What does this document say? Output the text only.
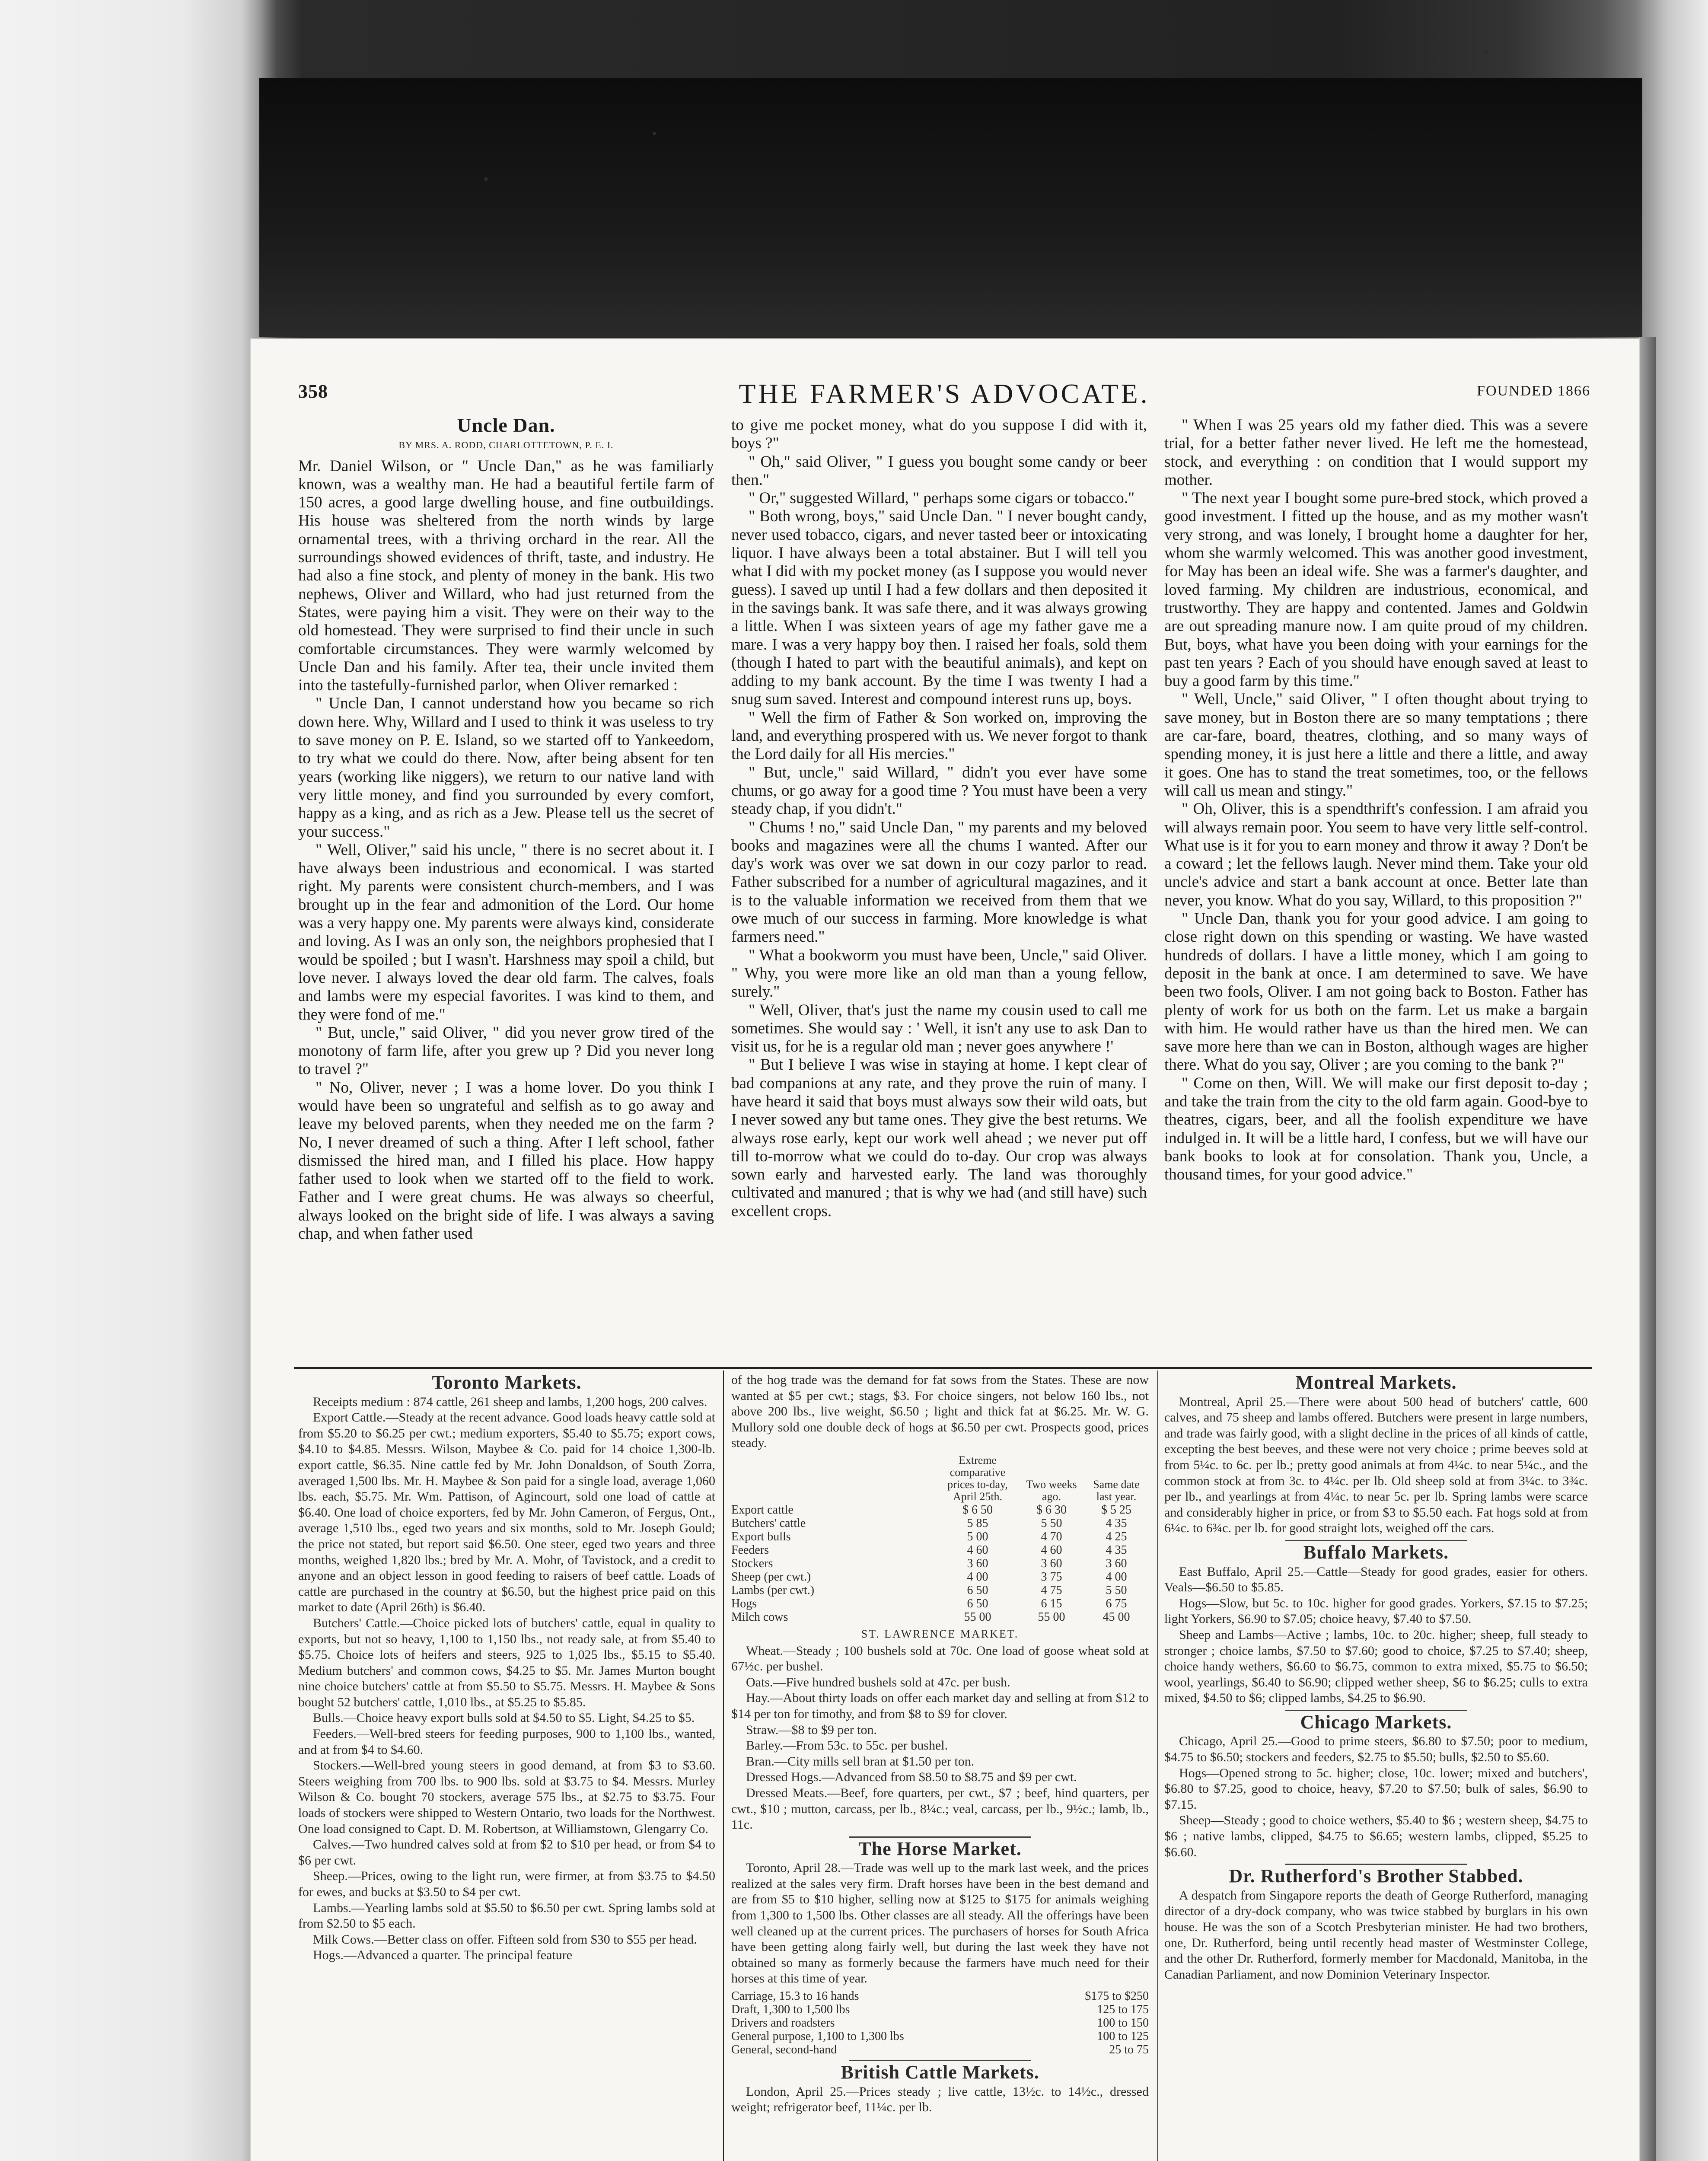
358	THE FARMER'S ADVOCATE.	FOUNDED 1866
Uncle Dan.
BY MRS. A. RODD, CHARLOTTETOWN, P. E. I.

Mr. Daniel Wilson, or " Uncle Dan," as he was familiarly known, was a wealthy man. He had a beautiful fertile farm of 150 acres, a good large dwelling house, and fine outbuildings. His house was sheltered from the north winds by large ornamental trees, with a thriving orchard in the rear. All the surroundings showed evidences of thrift, taste, and industry. He had also a fine stock, and plenty of money in the bank. His two nephews, Oliver and Willard, who had just returned from the States, were paying him a visit. They were on their way to the old homestead. They were surprised to find their uncle in such comfortable circumstances. They were warmly welcomed by Uncle Dan and his family. After tea, their uncle invited them into the tastefully-furnished parlor, when Oliver remarked :

" Uncle Dan, I cannot understand how you became so rich down here. Why, Willard and I used to think it was useless to try to save money on P. E. Island, so we started off to Yankeedom, to try what we could do there. Now, after being absent for ten years (working like niggers), we return to our native land with very little money, and find you surrounded by every comfort, happy as a king, and as rich as a Jew. Please tell us the secret of your success."

" Well, Oliver," said his uncle, " there is no secret about it. I have always been industrious and economical. I was started right. My parents were consistent church-members, and I was brought up in the fear and admonition of the Lord. Our home was a very happy one. My parents were always kind, considerate and loving. As I was an only son, the neighbors prophesied that I would be spoiled ; but I wasn't. Harshness may spoil a child, but love never. I always loved the dear old farm. The calves, foals and lambs were my especial favorites. I was kind to them, and they were fond of me."

" But, uncle," said Oliver, " did you never grow tired of the monotony of farm life, after you grew up ? Did you never long to travel ?"

" No, Oliver, never ; I was a home lover. Do you think I would have been so ungrateful and selfish as to go away and leave my beloved parents, when they needed me on the farm ? No, I never dreamed of such a thing. After I left school, father dismissed the hired man, and I filled his place. How happy father used to look when we started off to the field to work. Father and I were great chums. He was always so cheerful, always looked on the bright side of life. I was always a saving chap, and when father used

to give me pocket money, what do you suppose I did with it, boys ?"

" Oh," said Oliver, " I guess you bought some candy or beer then."

" Or," suggested Willard, " perhaps some cigars or tobacco."

" Both wrong, boys," said Uncle Dan. " I never bought candy, never used tobacco, cigars, and never tasted beer or intoxicating liquor. I have always been a total abstainer. But I will tell you what I did with my pocket money (as I suppose you would never guess). I saved up until I had a few dollars and then deposited it in the savings bank. It was safe there, and it was always growing a little. When I was sixteen years of age my father gave me a mare. I was a very happy boy then. I raised her foals, sold them (though I hated to part with the beautiful animals), and kept on adding to my bank account. By the time I was twenty I had a snug sum saved. Interest and compound interest runs up, boys.

" Well the firm of Father & Son worked on, improving the land, and everything prospered with us. We never forgot to thank the Lord daily for all His mercies."

" But, uncle," said Willard, " didn't you ever have some chums, or go away for a good time ? You must have been a very steady chap, if you didn't."

" Chums ! no," said Uncle Dan, " my parents and my beloved books and magazines were all the chums I wanted. After our day's work was over we sat down in our cozy parlor to read. Father subscribed for a number of agricultural magazines, and it is to the valuable information we received from them that we owe much of our success in farming. More knowledge is what farmers need."

" What a bookworm you must have been, Uncle," said Oliver. " Why, you were more like an old man than a young fellow, surely."

" Well, Oliver, that's just the name my cousin used to call me sometimes. She would say : ' Well, it isn't any use to ask Dan to visit us, for he is a regular old man ; never goes anywhere !'

" But I believe I was wise in staying at home. I kept clear of bad companions at any rate, and they prove the ruin of many. I have heard it said that boys must always sow their wild oats, but I never sowed any but tame ones. They give the best returns. We always rose early, kept our work well ahead ; we never put off till to-morrow what we could do to-day. Our crop was always sown early and harvested early. The land was thoroughly cultivated and manured ; that is why we had (and still have) such excellent crops.

" When I was 25 years old my father died. This was a severe trial, for a better father never lived. He left me the homestead, stock, and everything : on condition that I would support my mother.

" The next year I bought some pure-bred stock, which proved a good investment. I fitted up the house, and as my mother wasn't very strong, and was lonely, I brought home a daughter for her, whom she warmly welcomed. This was another good investment, for May has been an ideal wife. She was a farmer's daughter, and loved farming. My children are industrious, economical, and trustworthy. They are happy and contented. James and Goldwin are out spreading manure now. I am quite proud of my children. But, boys, what have you been doing with your earnings for the past ten years ? Each of you should have enough saved at least to buy a good farm by this time."

" Well, Uncle," said Oliver, " I often thought about trying to save money, but in Boston there are so many temptations ; there are car-fare, board, theatres, clothing, and so many ways of spending money, it is just here a little and there a little, and away it goes. One has to stand the treat sometimes, too, or the fellows will call us mean and stingy."

" Oh, Oliver, this is a spendthrift's confession. I am afraid you will always remain poor. You seem to have very little self-control. What use is it for you to earn money and throw it away ? Don't be a coward ; let the fellows laugh. Never mind them. Take your old uncle's advice and start a bank account at once. Better late than never, you know. What do you say, Willard, to this proposition ?"

" Uncle Dan, thank you for your good advice. I am going to close right down on this spending or wasting. We have wasted hundreds of dollars. I have a little money, which I am going to deposit in the bank at once. I am determined to save. We have been two fools, Oliver. I am not going back to Boston. Father has plenty of work for us both on the farm. Let us make a bargain with him. He would rather have us than the hired men. We can save more here than we can in Boston, although wages are higher there. What do you say, Oliver ; are you coming to the bank ?"

" Come on then, Will. We will make our first deposit to-day ; and take the train from the city to the old farm again. Good-bye to theatres, cigars, beer, and all the foolish expenditure we have indulged in. It will be a little hard, I confess, but we will have our bank books to look at for consolation. Thank you, Uncle, a thousand times, for your good advice."

Toronto Markets.

Receipts medium : 874 cattle, 261 sheep and lambs, 1,200 hogs, 200 calves.

Export Cattle.—Steady at the recent advance. Good loads heavy cattle sold at from $5.20 to $6.25 per cwt.; medium exporters, $5.40 to $5.75; export cows, $4.10 to $4.85. Messrs. Wilson, Maybee & Co. paid for 14 choice 1,300-lb. export cattle, $6.35. Nine cattle fed by Mr. John Donaldson, of South Zorra, averaged 1,500 lbs. Mr. H. Maybee & Son paid for a single load, average 1,060 lbs. each, $5.75. Mr. Wm. Pattison, of Agincourt, sold one load of cattle at $6.40. One load of choice exporters, fed by Mr. John Cameron, of Fergus, Ont., average 1,510 lbs., eged two years and six months, sold to Mr. Joseph Gould; the price not stated, but report said $6.50. One steer, eged two years and three months, weighed 1,820 lbs.; bred by Mr. A. Mohr, of Tavistock, and a credit to anyone and an object lesson in good feeding to raisers of beef cattle. Loads of cattle are purchased in the country at $6.50, but the highest price paid on this market to date (April 26th) is $6.40.

Butchers' Cattle.—Choice picked lots of butchers' cattle, equal in quality to exports, but not so heavy, 1,100 to 1,150 lbs., not ready sale, at from $5.40 to $5.75. Choice lots of heifers and steers, 925 to 1,025 lbs., $5.15 to $5.40. Medium butchers' and common cows, $4.25 to $5. Mr. James Murton bought nine choice butchers' cattle at from $5.50 to $5.75. Messrs. H. Maybee & Sons bought 52 butchers' cattle, 1,010 lbs., at $5.25 to $5.85.

Bulls.—Choice heavy export bulls sold at $4.50 to $5. Light, $4.25 to $5.

Feeders.—Well-bred steers for feeding purposes, 900 to 1,100 lbs., wanted, and at from $4 to $4.60.

Stockers.—Well-bred young steers in good demand, at from $3 to $3.60. Steers weighing from 700 lbs. to 900 lbs. sold at $3.75 to $4. Messrs. Murley Wilson & Co. bought 70 stockers, average 575 lbs., at $2.75 to $3.75. Four loads of stockers were shipped to Western Ontario, two loads for the Northwest. One load consigned to Capt. D. M. Robertson, at Williamstown, Glengarry Co.

Calves.—Two hundred calves sold at from $2 to $10 per head, or from $4 to $6 per cwt.

Sheep.—Prices, owing to the light run, were firmer, at from $3.75 to $4.50 for ewes, and bucks at $3.50 to $4 per cwt.

Lambs.—Yearling lambs sold at $5.50 to $6.50 per cwt. Spring lambs sold at from $2.50 to $5 each.

Milk Cows.—Better class on offer. Fifteen sold from $30 to $55 per head.

Hogs.—Advanced a quarter. The principal feature

of the hog trade was the demand for fat sows from the States. These are now wanted at $5 per cwt.; stags, $3. For choice singers, not below 160 lbs., not above 200 lbs., live weight, $6.50 ; light and thick fat at $6.25. Mr. W. G. Mullory sold one double deck of hogs at $6.50 per cwt. Prospects good, prices steady.

	Extreme comparative prices to-day, April 25th.	Two weeks ago.	Same date last year.
Export cattle	$ 6 50	$ 6 30	$ 5 25
Butchers' cattle	5 85	5 50	4 35
Export bulls	5 00	4 70	4 25
Feeders	4 60	4 60	4 35
Stockers	3 60	3 60	3 60
Sheep (per cwt.)	4 00	3 75	4 00
Lambs (per cwt.)	6 50	4 75	5 50
Hogs	6 50	6 15	6 75
Milch cows	55 00	55 00	45 00
ST. LAWRENCE MARKET.

Wheat.—Steady ; 100 bushels sold at 70c. One load of goose wheat sold at 67½c. per bushel.

Oats.—Five hundred bushels sold at 47c. per bush.

Hay.—About thirty loads on offer each market day and selling at from $12 to $14 per ton for timothy, and from $8 to $9 for clover.

Straw.—$8 to $9 per ton.

Barley.—From 53c. to 55c. per bushel.

Bran.—City mills sell bran at $1.50 per ton.

Dressed Hogs.—Advanced from $8.50 to $8.75 and $9 per cwt.

Dressed Meats.—Beef, fore quarters, per cwt., $7 ; beef, hind quarters, per cwt., $10 ; mutton, carcass, per lb., 8¼c.; veal, carcass, per lb., 9½c.; lamb, lb., 11c.

The Horse Market.

Toronto, April 28.—Trade was well up to the mark last week, and the prices realized at the sales very firm. Draft horses have been in the best demand and are from $5 to $10 higher, selling now at $125 to $175 for animals weighing from 1,300 to 1,500 lbs. Other classes are all steady. All the offerings have been well cleaned up at the current prices. The purchasers of horses for South Africa have been getting along fairly well, but during the last week they have not obtained so many as formerly because the farmers have much need for their horses at this time of year.

Carriage, 15.3 to 16 hands	$175 to $250
Draft, 1,300 to 1,500 lbs	125 to 175
Drivers and roadsters	100 to 150
General purpose, 1,100 to 1,300 lbs	100 to 125
General, second-hand	25 to 75
British Cattle Markets.

London, April 25.—Prices steady ; live cattle, 13½c. to 14½c., dressed weight; refrigerator beef, 11¼c. per lb.

Montreal Markets.

Montreal, April 25.—There were about 500 head of butchers' cattle, 600 calves, and 75 sheep and lambs offered. Butchers were present in large numbers, and trade was fairly good, with a slight decline in the prices of all kinds of cattle, excepting the best beeves, and these were not very choice ; prime beeves sold at from 5¼c. to 6c. per lb.; pretty good animals at from 4¼c. to near 5¼c., and the common stock at from 3c. to 4¼c. per lb. Old sheep sold at from 3¼c. to 3¾c. per lb., and yearlings at from 4¼c. to near 5c. per lb. Spring lambs were scarce and considerably higher in price, or from $3 to $5.50 each. Fat hogs sold at from 6¼c. to 6¾c. per lb. for good straight lots, weighed off the cars.

Buffalo Markets.

East Buffalo, April 25.—Cattle—Steady for good grades, easier for others. Veals—$6.50 to $5.85.

Hogs—Slow, but 5c. to 10c. higher for good grades. Yorkers, $7.15 to $7.25; light Yorkers, $6.90 to $7.05; choice heavy, $7.40 to $7.50.

Sheep and Lambs—Active ; lambs, 10c. to 20c. higher; sheep, full steady to stronger ; choice lambs, $7.50 to $7.60; good to choice, $7.25 to $7.40; sheep, choice handy wethers, $6.60 to $6.75, common to extra mixed, $5.75 to $6.50; wool, yearlings, $6.40 to $6.90; clipped wether sheep, $6 to $6.25; culls to extra mixed, $4.50 to $6; clipped lambs, $4.25 to $6.90.

Chicago Markets.

Chicago, April 25.—Good to prime steers, $6.80 to $7.50; poor to medium, $4.75 to $6.50; stockers and feeders, $2.75 to $5.50; bulls, $2.50 to $5.60.

Hogs—Opened strong to 5c. higher; close, 10c. lower; mixed and butchers', $6.80 to $7.25, good to choice, heavy, $7.20 to $7.50; bulk of sales, $6.90 to $7.15.

Sheep—Steady ; good to choice wethers, $5.40 to $6 ; western sheep, $4.75 to $6 ; native lambs, clipped, $4.75 to $6.65; western lambs, clipped, $5.25 to $6.60.

Dr. Rutherford's Brother Stabbed.

A despatch from Singapore reports the death of George Rutherford, managing director of a dry-dock company, who was twice stabbed by burglars in his own house. He was the son of a Scotch Presbyterian minister. He had two brothers, one, Dr. Rutherford, being until recently head master of Westminster College, and the other Dr. Rutherford, formerly member for Macdonald, Manitoba, in the Canadian Parliament, and now Dominion Veterinary Inspector.
